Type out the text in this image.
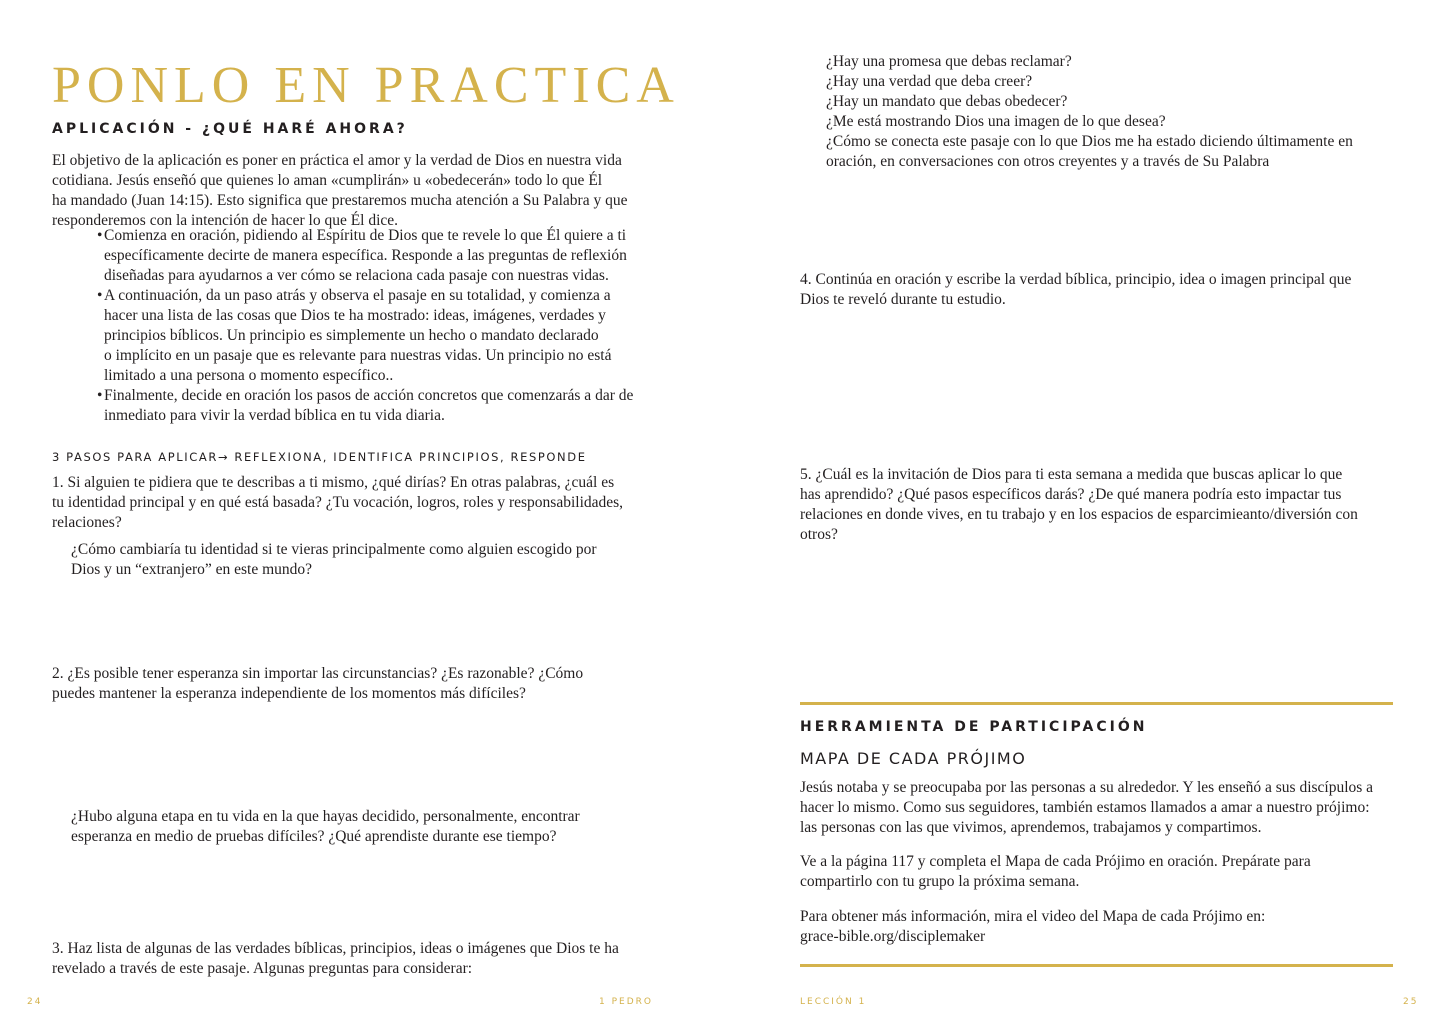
PONLO EN PRACTICA
APLICACIÓN - ¿QUÉ HARÉ AHORA?
El objetivo de la aplicación es poner en práctica el amor y la verdad de Dios en nuestra vida
cotidiana. Jesús enseñó que quienes lo aman «cumplirán» u «obedecerán» todo lo que Él
ha mandado (Juan 14:15). Esto significa que prestaremos mucha atención a Su Palabra y que
responderemos con la intención de hacer lo que Él dice.
• Comienza en oración, pidiendo al Espíritu de Dios que te revele lo que Él quiere a ti
específicamente decirte de manera específica. Responde a las preguntas de reflexión
diseñadas para ayudarnos a ver cómo se relaciona cada pasaje con nuestras vidas.
• A continuación, da un paso atrás y observa el pasaje en su totalidad, y comienza a
hacer una lista de las cosas que Dios te ha mostrado: ideas, imágenes, verdades y
principios bíblicos. Un principio es simplemente un hecho o mandato declarado
o implícito en un pasaje que es relevante para nuestras vidas. Un principio no está
limitado a una persona o momento específico..
• Finalmente, decide en oración los pasos de acción concretos que comenzarás a dar de
inmediato para vivir la verdad bíblica en tu vida diaria.
3 PASOS PARA APLICAR→ REFLEXIONA, IDENTIFICA PRINCIPIOS, RESPONDE
1. Si alguien te pidiera que te describas a ti mismo, ¿qué dirías? En otras palabras, ¿cuál es
tu identidad principal y en qué está basada? ¿Tu vocación, logros, roles y responsabilidades,
relaciones?
¿Cómo cambiaría tu identidad si te vieras principalmente como alguien escogido por
Dios y un “extranjero” en este mundo?
2. ¿Es posible tener esperanza sin importar las circunstancias? ¿Es razonable? ¿Cómo
puedes mantener la esperanza independiente de los momentos más difíciles?
¿Hubo alguna etapa en tu vida en la que hayas decidido, personalmente, encontrar
esperanza en medio de pruebas difíciles? ¿Qué aprendiste durante ese tiempo?
3. Haz lista de algunas de las verdades bíblicas, principios, ideas o imágenes que Dios te ha
revelado a través de este pasaje. Algunas preguntas para considerar:
24	1 PEDRO
¿Hay una promesa que debas reclamar?
¿Hay una verdad que deba creer?
¿Hay un mandato que debas obedecer?
¿Me está mostrando Dios una imagen de lo que desea?
¿Cómo se conecta este pasaje con lo que Dios me ha estado diciendo últimamente en
oración, en conversaciones con otros creyentes y a través de Su Palabra
4. Continúa en oración y escribe la verdad bíblica, principio, idea o imagen principal que
Dios te reveló durante tu estudio.
5. ¿Cuál es la invitación de Dios para ti esta semana a medida que buscas aplicar lo que
has aprendido? ¿Qué pasos específicos darás? ¿De qué manera podría esto impactar tus
relaciones en donde vives, en tu trabajo y en los espacios de esparcimieanto/diversión con
otros?
HERRAMIENTA DE PARTICIPACIÓN
MAPA DE CADA PRÓJIMO
Jesús notaba y se preocupaba por las personas a su alrededor. Y les enseñó a sus discípulos a
hacer lo mismo. Como sus seguidores, también estamos llamados a amar a nuestro prójimo:
las personas con las que vivimos, aprendemos, trabajamos y compartimos.
Ve a la página 117 y completa el Mapa de cada Prójimo en oración. Prepárate para
compartirlo con tu grupo la próxima semana.
Para obtener más información, mira el video del Mapa de cada Prójimo en:
grace-bible.org/disciplemaker
LECCIÓN 1	25
